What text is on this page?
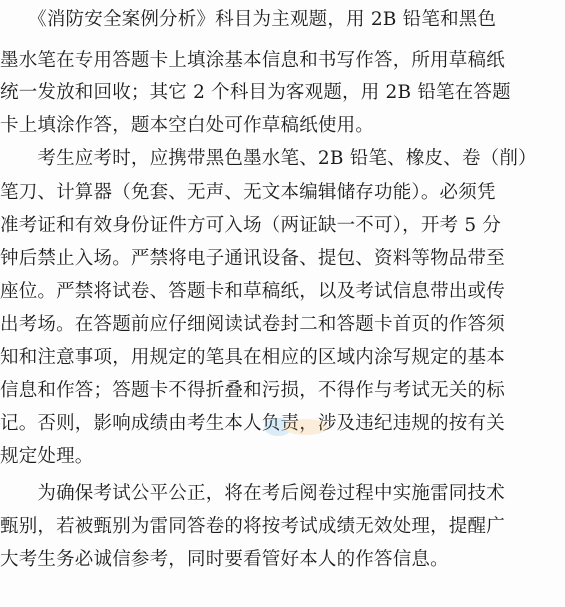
　　《消防安全案例分析》科目为主观题，用 2B 铅笔和黑色
墨水笔在专用答题卡上填涂基本信息和书写作答，所用草稿纸
统一发放和回收；其它 2 个科目为客观题，用 2B 铅笔在答题
卡上填涂作答，题本空白处可作草稿纸使用。
　　考生应考时，应携带黑色墨水笔、2B 铅笔、橡皮、卷（削）
笔刀、计算器（免套、无声、无文本编辑储存功能）。必须凭
准考证和有效身份证件方可入场（两证缺一不可），开考 5 分
钟后禁止入场。严禁将电子通讯设备、提包、资料等物品带至
座位。严禁将试卷、答题卡和草稿纸，以及考试信息带出或传
出考场。在答题前应仔细阅读试卷封二和答题卡首页的作答须
知和注意事项，用规定的笔具在相应的区域内涂写规定的基本
信息和作答；答题卡不得折叠和污损，不得作与考试无关的标
记。否则，影响成绩由考生本人负责，涉及违纪违规的按有关
规定处理。
　　为确保考试公平公正，将在考后阅卷过程中实施雷同技术
甄别，若被甄别为雷同答卷的将按考试成绩无效处理，提醒广
大考生务必诚信参考，同时要看管好本人的作答信息。
